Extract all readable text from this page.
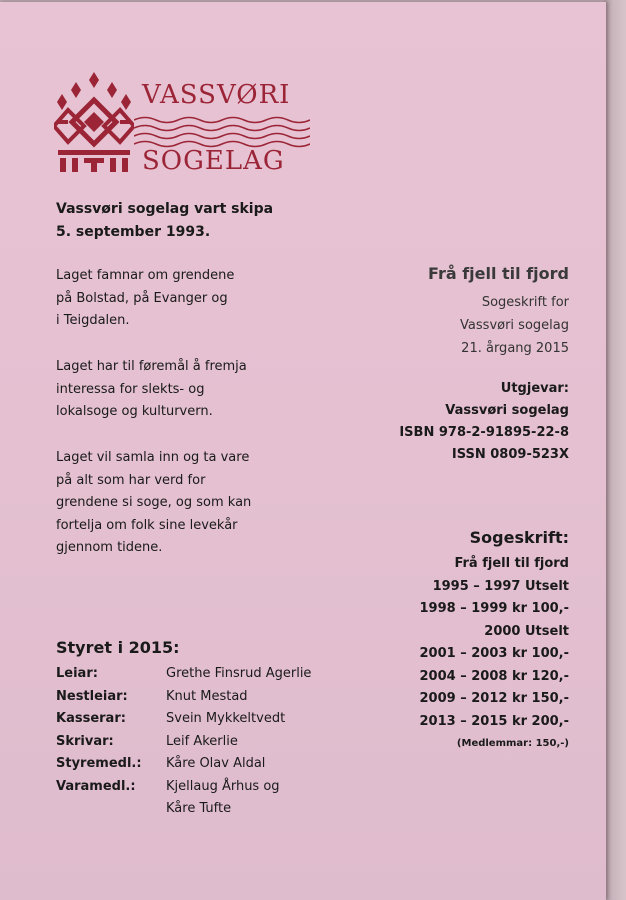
VASSVØRI
SOGELAG
Vassvøri sogelag vart skipa
5. september 1993.
Laget famnar om grendene
på Bolstad, på Evanger og
i Teigdalen.
Laget har til føremål å fremja
interessa for slekts- og
lokalsoge og kulturvern.
Laget vil samla inn og ta vare
på alt som har verd for
grendene si soge, og som kan
fortelja om folk sine levekår
gjennom tidene.
Frå fjell til fjord
Sogeskrift for
Vassvøri sogelag
21. årgang 2015
Utgjevar:
Vassvøri sogelag
ISBN 978-2-91895-22-8
ISSN 0809-523X
Sogeskrift:
Frå fjell til fjord
1995 – 1997 Utselt
1998 – 1999 kr 100,-
2000 Utselt
2001 – 2003 kr 100,-
2004 – 2008 kr 120,-
2009 – 2012 kr 150,-
2013 – 2015 kr 200,-
(Medlemmar: 150,-)
Styret i 2015:
Leiar:	Grethe Finsrud Agerlie
Nestleiar:	Knut Mestad
Kasserar:	Svein Mykkeltvedt
Skrivar:	Leif Akerlie
Styremedl.:	Kåre Olav Aldal
Varamedl.:	Kjellaug Århus og
Kåre Tufte
